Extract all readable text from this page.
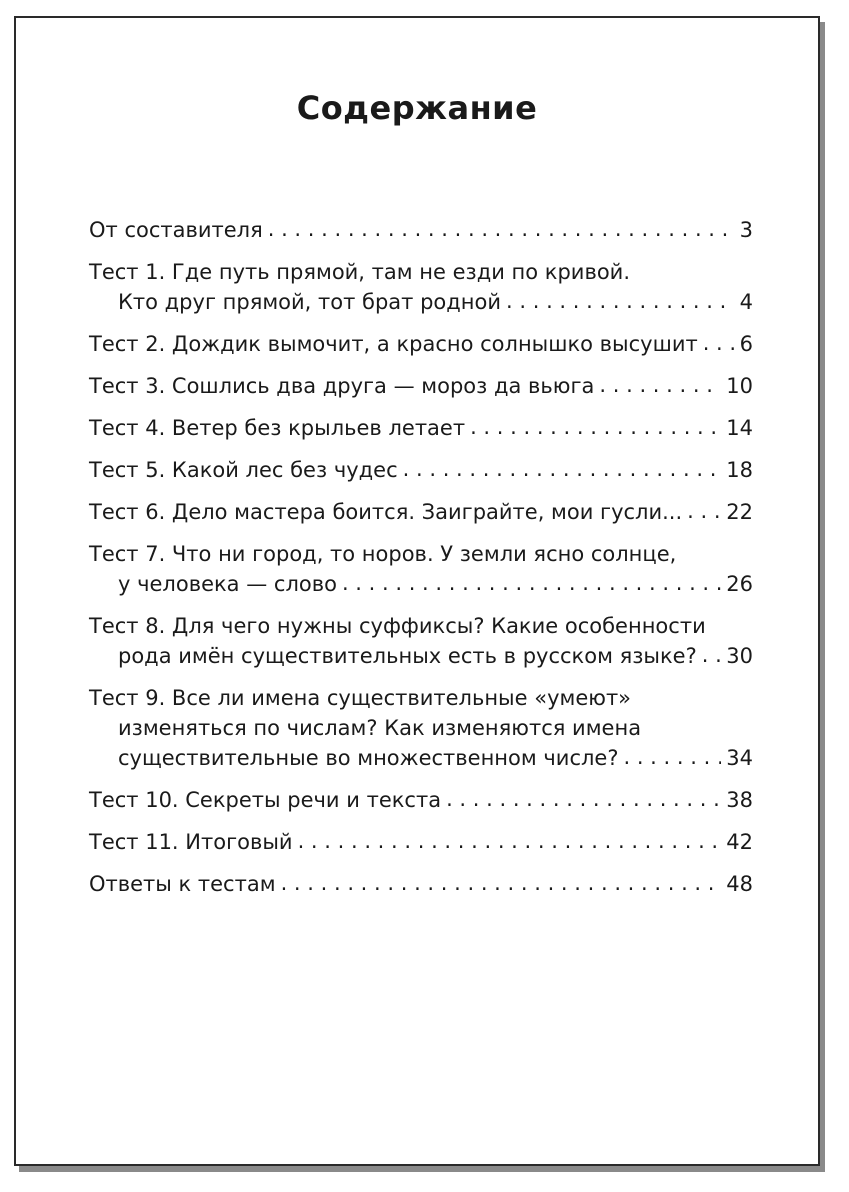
Содержание
От составителя . . .	3
Тест 1. Где путь прямой, там не езди по кривой.
Кто друг прямой, тот брат родной . . .	4
Тест 2. Дождик вымочит, а красно солнышко высушит . . . 6
Тест 3. Сошлись два друга — мороз да вьюга . . .	10
Тест 4. Ветер без крыльев летает . . .	14
Тест 5. Какой лес без чудес . . .	18
Тест 6. Дело мастера боится. Заиграйте, мои гусли... . . . 22
Тест 7. Что ни город, то норов. У земли ясно солнце,
у человека — слово . . .	26
Тест 8. Для чего нужны суффиксы? Какие особенности
рода имён существительных есть в русском языке? . . . 30
Тест 9. Все ли имена существительные «умеют»
изменяться по числам? Как изменяются имена
существительные во множественном числе? . . .	34
Тест 10. Секреты речи и текста . . .	38
Тест 11. Итоговый . . .	42
Ответы к тестам . . .	48
